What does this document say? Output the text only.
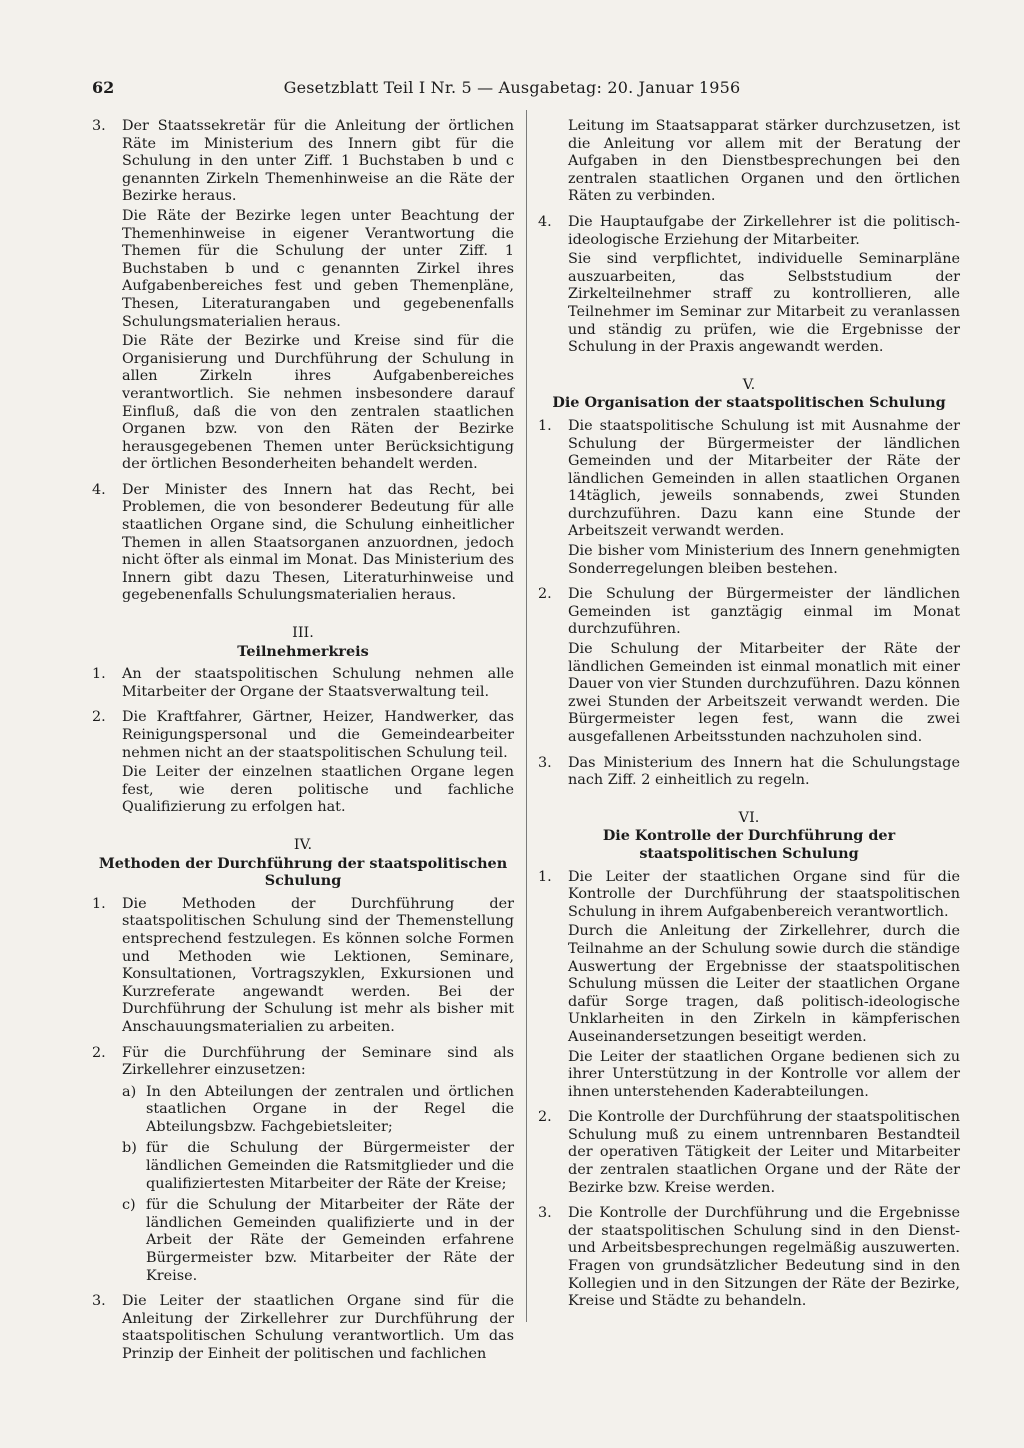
62	Gesetzblatt Teil I Nr. 5 — Ausgabetag: 20. Januar 1956
3. Der Staatssekretär für die Anleitung der örtlichen Räte im Ministerium des Innern gibt für die Schulung in den unter Ziff. 1 Buchstaben b und c genannten Zirkeln Themenhinweise an die Räte der Bezirke heraus.
Die Räte der Bezirke legen unter Beachtung der Themenhinweise in eigener Verantwortung die Themen für die Schulung der unter Ziff. 1 Buchstaben b und c genannten Zirkel ihres Aufgabenbereiches fest und geben Themenpläne, Thesen, Literaturangaben und gegebenenfalls Schulungsmaterialien heraus.
Die Räte der Bezirke und Kreise sind für die Organisierung und Durchführung der Schulung in allen Zirkeln ihres Aufgabenbereiches verantwortlich. Sie nehmen insbesondere darauf Einfluß, daß die von den zentralen staatlichen Organen bzw. von den Räten der Bezirke herausgegebenen Themen unter Berücksichtigung der örtlichen Besonderheiten behandelt werden.
4. Der Minister des Innern hat das Recht, bei Problemen, die von besonderer Bedeutung für alle staatlichen Organe sind, die Schulung einheitlicher Themen in allen Staatsorganen anzuordnen, jedoch nicht öfter als einmal im Monat. Das Ministerium des Innern gibt dazu Thesen, Literaturhinweise und gegebenenfalls Schulungsmaterialien heraus.
III.
Teilnehmerkreis
1. An der staatspolitischen Schulung nehmen alle Mitarbeiter der Organe der Staatsverwaltung teil.
2. Die Kraftfahrer, Gärtner, Heizer, Handwerker, das Reinigungspersonal und die Gemeindearbeiter nehmen nicht an der staatspolitischen Schulung teil.
Die Leiter der einzelnen staatlichen Organe legen fest, wie deren politische und fachliche Qualifizierung zu erfolgen hat.
IV.
Methoden der Durchführung der staatspolitischen Schulung
1. Die Methoden der Durchführung der staatspolitischen Schulung sind der Themenstellung entsprechend festzulegen. Es können solche Formen und Methoden wie Lektionen, Seminare, Konsultationen, Vortragszyklen, Exkursionen und Kurzreferate angewandt werden. Bei der Durchführung der Schulung ist mehr als bisher mit Anschauungsmaterialien zu arbeiten.
2. Für die Durchführung der Seminare sind als Zirkellehrer einzusetzen:
a) In den Abteilungen der zentralen und örtlichen staatlichen Organe in der Regel die Abteilungsbzw. Fachgebietsleiter;
b) für die Schulung der Bürgermeister der ländlichen Gemeinden die Ratsmitglieder und die qualifiziertesten Mitarbeiter der Räte der Kreise;
c) für die Schulung der Mitarbeiter der Räte der ländlichen Gemeinden qualifizierte und in der Arbeit der Räte der Gemeinden erfahrene Bürgermeister bzw. Mitarbeiter der Räte der Kreise.
3. Die Leiter der staatlichen Organe sind für die Anleitung der Zirkellehrer zur Durchführung der staatspolitischen Schulung verantwortlich. Um das Prinzip der Einheit der politischen und fachlichen
Leitung im Staatsapparat stärker durchzusetzen, ist die Anleitung vor allem mit der Beratung der Aufgaben in den Dienstbesprechungen bei den zentralen staatlichen Organen und den örtlichen Räten zu verbinden.
4. Die Hauptaufgabe der Zirkellehrer ist die politisch-ideologische Erziehung der Mitarbeiter.
Sie sind verpflichtet, individuelle Seminarpläne auszuarbeiten, das Selbststudium der Zirkelteilnehmer straff zu kontrollieren, alle Teilnehmer im Seminar zur Mitarbeit zu veranlassen und ständig zu prüfen, wie die Ergebnisse der Schulung in der Praxis angewandt werden.
V.
Die Organisation der staatspolitischen Schulung
1. Die staatspolitische Schulung ist mit Ausnahme der Schulung der Bürgermeister der ländlichen Gemeinden und der Mitarbeiter der Räte der ländlichen Gemeinden in allen staatlichen Organen 14täglich, jeweils sonnabends, zwei Stunden durchzuführen. Dazu kann eine Stunde der Arbeitszeit verwandt werden.
Die bisher vom Ministerium des Innern genehmigten Sonderregelungen bleiben bestehen.
2. Die Schulung der Bürgermeister der ländlichen Gemeinden ist ganztägig einmal im Monat durchzuführen.
Die Schulung der Mitarbeiter der Räte der ländlichen Gemeinden ist einmal monatlich mit einer Dauer von vier Stunden durchzuführen. Dazu können zwei Stunden der Arbeitszeit verwandt werden. Die Bürgermeister legen fest, wann die zwei ausgefallenen Arbeitsstunden nachzuholen sind.
3. Das Ministerium des Innern hat die Schulungstage nach Ziff. 2 einheitlich zu regeln.
VI.
Die Kontrolle der Durchführung der staatspolitischen Schulung
1. Die Leiter der staatlichen Organe sind für die Kontrolle der Durchführung der staatspolitischen Schulung in ihrem Aufgabenbereich verantwortlich.
Durch die Anleitung der Zirkellehrer, durch die Teilnahme an der Schulung sowie durch die ständige Auswertung der Ergebnisse der staatspolitischen Schulung müssen die Leiter der staatlichen Organe dafür Sorge tragen, daß politisch-ideologische Unklarheiten in den Zirkeln in kämpferischen Auseinandersetzungen beseitigt werden.
Die Leiter der staatlichen Organe bedienen sich zu ihrer Unterstützung in der Kontrolle vor allem der ihnen unterstehenden Kaderabteilungen.
2. Die Kontrolle der Durchführung der staatspolitischen Schulung muß zu einem untrennbaren Bestandteil der operativen Tätigkeit der Leiter und Mitarbeiter der zentralen staatlichen Organe und der Räte der Bezirke bzw. Kreise werden.
3. Die Kontrolle der Durchführung und die Ergebnisse der staatspolitischen Schulung sind in den Dienst- und Arbeitsbesprechungen regelmäßig auszuwerten. Fragen von grundsätzlicher Bedeutung sind in den Kollegien und in den Sitzungen der Räte der Bezirke, Kreise und Städte zu behandeln.
